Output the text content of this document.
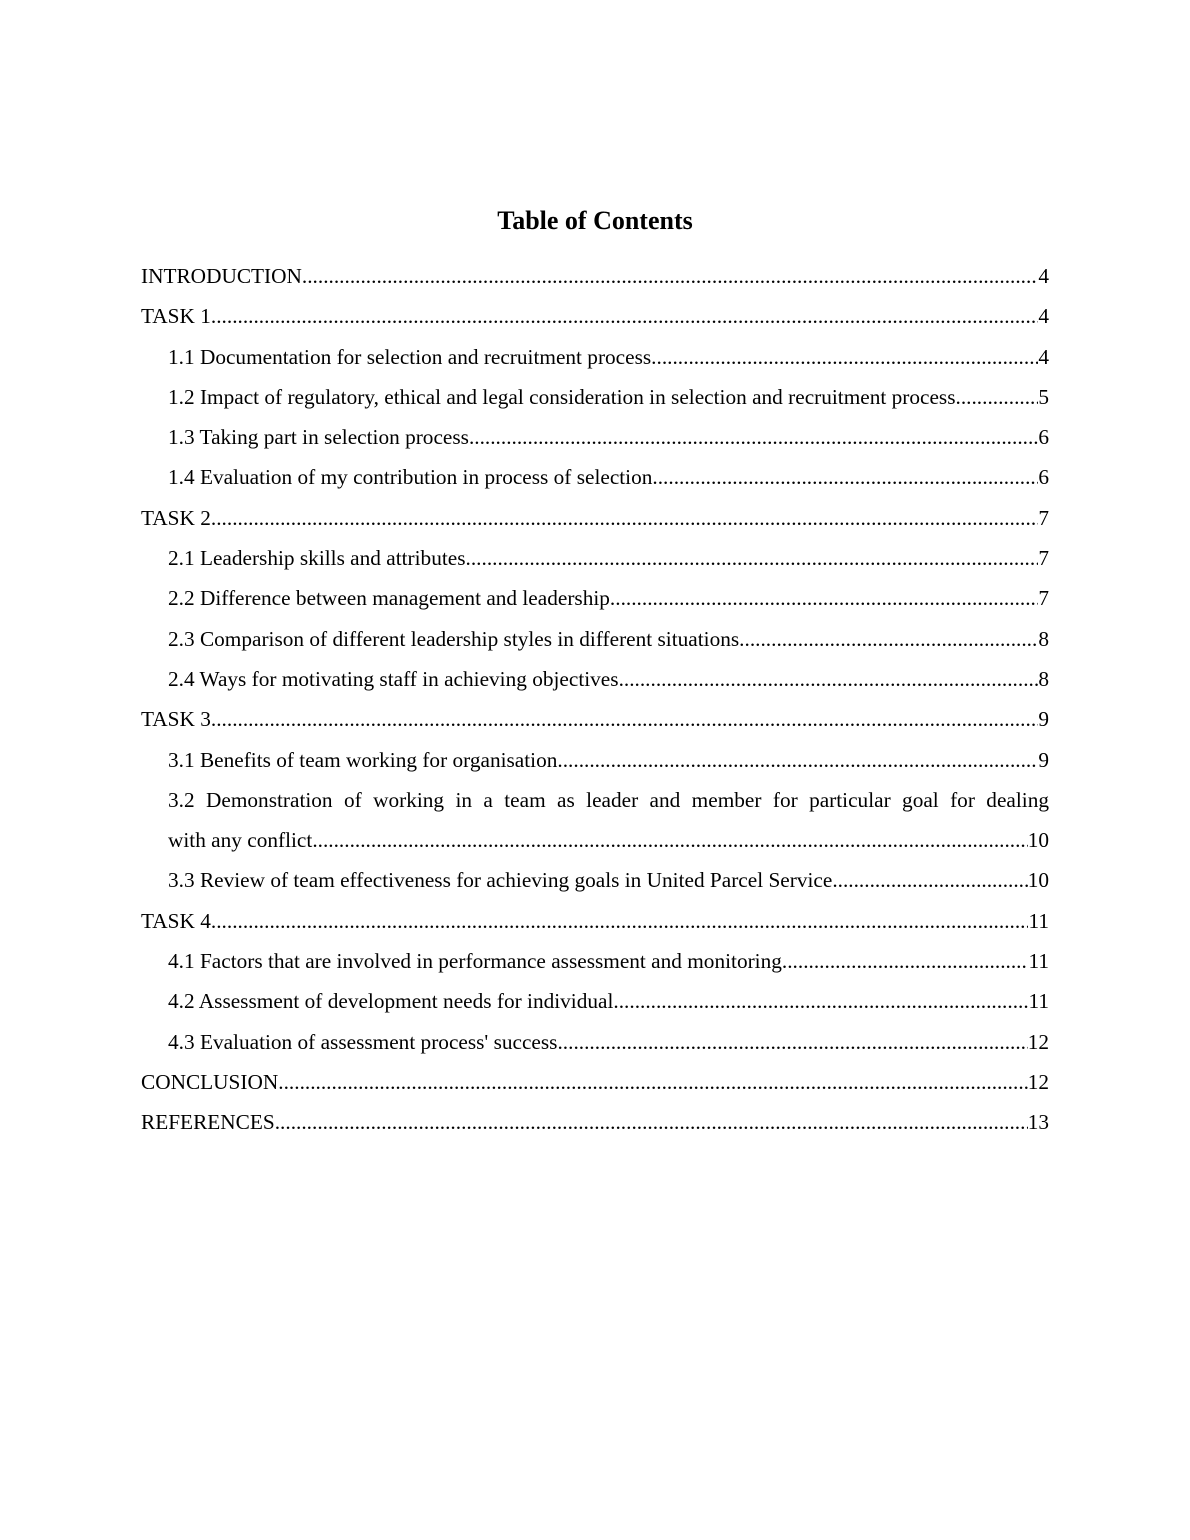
Table of Contents
INTRODUCTION .....	4
TASK 1 .....	4
1.1 Documentation for selection and recruitment process .....	4
1.2 Impact of regulatory, ethical and legal consideration in selection and recruitment process .....	5
1.3 Taking part in selection process .....	6
1.4 Evaluation of my contribution in process of selection .....	6
TASK 2 .....	7
2.1 Leadership skills and attributes .....	7
2.2 Difference between management and leadership .....	7
2.3 Comparison of different leadership styles in different situations .....	8
2.4 Ways for motivating staff in achieving objectives .....	8
TASK 3 .....	9
3.1 Benefits of team working for organisation .....	9
3.2 Demonstration of working in a team as leader and member for particular goal for dealing
with any conflict .....	10
3.3 Review of team effectiveness for achieving goals in United Parcel Service .....	10
TASK 4 .....	11
4.1 Factors that are involved in performance assessment and monitoring .....	11
4.2 Assessment of development needs for individual .....	11
4.3 Evaluation of assessment process' success .....	12
CONCLUSION .....	12
REFERENCES .....	13
